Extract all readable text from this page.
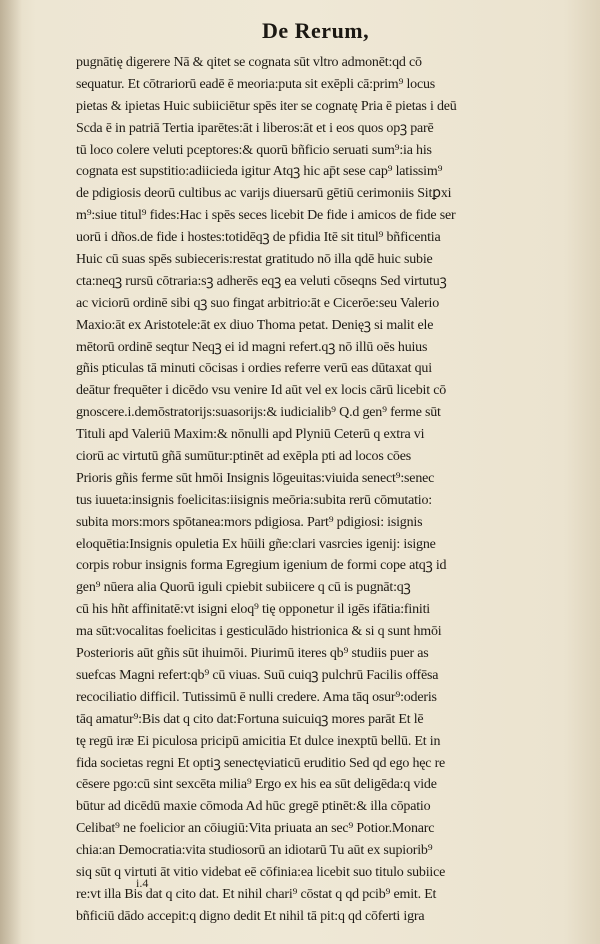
De Rerum,
pugnātię digerere Nā & qitet se cognata sūt vltro admonēt:qd cō
sequatur. Et cōtrariorū eadē ē meoria:puta sit exēpli cā:prim⁹ locus
pietas & ipietas Huic subiiciētur spēs iter se cognatę Pria ē pietas i deū
Scda ē in patriā Tertia iparētes:āt i liberos:āt et i eos quos opꝫ parē
tū loco colere veluti pceptores:& quorū bñficio seruati sum⁹:ia his
cognata est supstitio:adiicieda igitur Atqꝫ hic ap̄t sese cap⁹ latissim⁹
de pdigiosis deorū cultibus ac varijs diuersarū gētiū cerimoniis Sitꝑxi
m⁹:siue titul⁹ fides:Hac i spēs seces licebit De fide i amicos de fide ser
uorū i dños.de fide i hostes:totidēqꝫ de pfidia Itē sit titul⁹ bñficentia
Huic cū suas spēs subieceris:restat gratitudo nō illa qdē huic subie
cta:neqꝫ rursū cōtraria:sꝫ adherēs eqꝫ ea veluti cōseqns Sed virtutuꝫ
ac viciorū ordinē sibi qꝫ suo fingat arbitrio:āt e Cicerōe:seu Valerio
Maxio:āt ex Aristotele:āt ex diuo Thoma petat. Denięꝫ si malit ele
mētorū ordinē seqtur Neqꝫ ei id magni refert.qꝫ nō illū oēs huius
gñis pticulas tā minuti cōcisas i ordies referre verū eas dūtaxat qui
deātur frequēter i dicēdo vsu venire Id aūt vel ex locis cārū licebit cō
gnoscere.i.demōstratorijs:suasorijs:& iudicialib⁹ Q.d gen⁹ ferme sūt
Tituli apd Valeriū Maxim:& nōnulli apd Plyniū Ceterū q extra vi
ciorū ac virtutū gñā sumūtur:ptinēt ad exēpla pti ad locos cōes
Prioris gñis ferme sūt hmōi Insignis lōgeuitas:viuida senect⁹:senec
tus iuueta:insignis foelicitas:iisignis meōria:subita rerū cōmutatio:
subita mors:mors spōtanea:mors pdigiosa. Part⁹ pdigiosi: isignis
eloquētia:Insignis opuletia Ex hūili gñe:clari vasrcies igenij: isigne
corpis robur insignis forma Egregium igenium de formi cope atqꝫ id
gen⁹ nūera alia Quorū iguli cpiebit subiicere q cū is pugnāt:qꝫ
cū his hñt affinitatē:vt isigni eloq⁹ tię opponetur il igēs ifātia:finiti
ma sūt:vocalitas foelicitas i gesticulādo histrionica & si q sunt hmōi
Posterioris aūt gñis sūt ihuimōi. Piurimū iteres qb⁹ studiis puer as
suefcas Magni refert:qb⁹ cū viuas. Suū cuiqꝫ pulchrū Facilis offēsa
recociliatio difficil. Tutissimū ē nulli credere. Ama tāq osur⁹:oderis
tāq amatur⁹:Bis dat q cito dat:Fortuna suicuiqꝫ mores parāt Et lē
tę regū iræ Ei piculosa pricipū amicitia Et dulce inexptū bellū. Et in
fida societas regni Et optiꝫ senectęviaticū eruditio Sed qd ego hęc re
cēsere pgo:cū sint sexcēta milia⁹ Ergo ex his ea sūt deligēda:q vide
būtur ad dicēdū maxie cōmoda Ad hūc gregē ptinēt:& illa cōpatio
Celibat⁹ ne foelicior an cōiugiū:Vita priuata an sec⁹ Potior.Monarc
chia:an Democratia:vita studiosorū an idiotarū Tu aūt ex supiorib⁹
siq sūt q virtuti āt vitio videbat eē cōfinia:ea licebit suo titulo subiice
re:vt illa Bis dat q cito dat. Et nihil chari⁹ cōstat q qd pcib⁹ emit. Et
bñficiū dādo accepit:q digno dedit Et nihil tā pit:q qd cōferti igra
i.4
